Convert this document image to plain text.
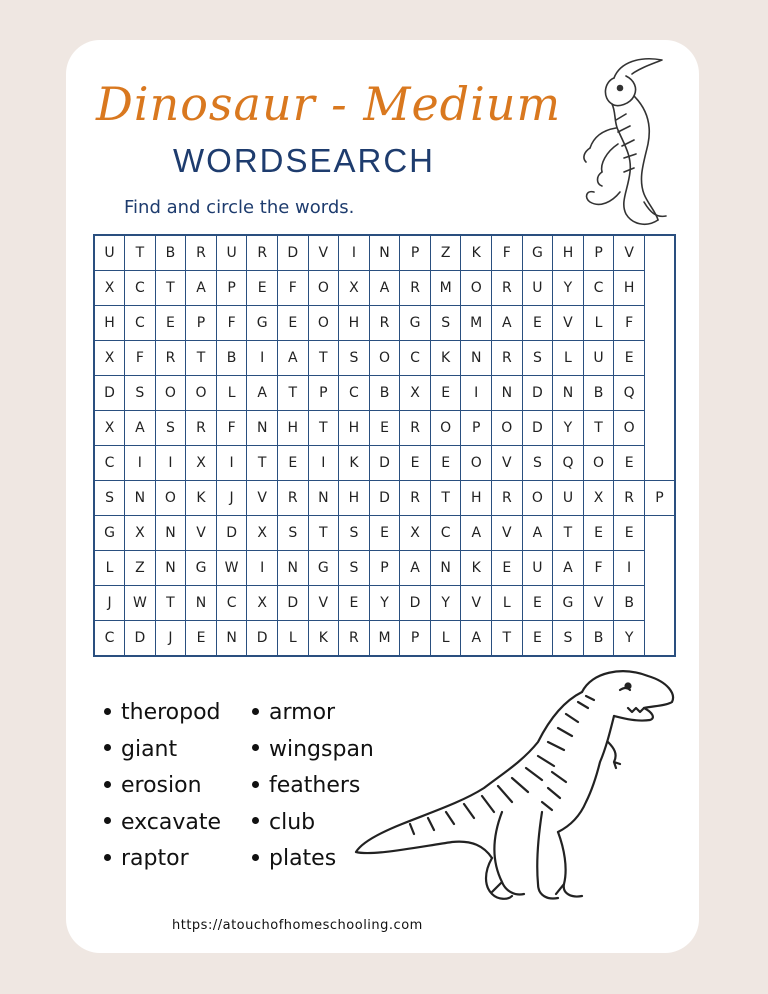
Dinosaur - Medium
WORDSEARCH

Find and circle the words.

U	T	B	R	U	R	D	V	I	N	P	Z	K	F	G	H	P	V	
X	C	T	A	P	E	F	O	X	A	R	M	O	R	U	Y	C	H	
H	C	E	P	F	G	E	O	H	R	G	S	M	A	E	V	L	F	
X	F	R	T	B	I	A	T	S	O	C	K	N	R	S	L	U	E	
D	S	O	O	L	A	T	P	C	B	X	E	I	N	D	N	B	Q	
X	A	S	R	F	N	H	T	H	E	R	O	P	O	D	Y	T	O	
C	I	I	X	I	T	E	I	K	D	E	E	O	V	S	Q	O	E	
S	N	O	K	J	V	R	N	H	D	R	T	H	R	O	U	X	R	P
G	X	N	V	D	X	S	T	S	E	X	C	A	V	A	T	E	E	
L	Z	N	G	W	I	N	G	S	P	A	N	K	E	U	A	F	I	
J	W	T	N	C	X	D	V	E	Y	D	Y	V	L	E	G	V	B	
C	D	J	E	N	D	L	K	R	M	P	L	A	T	E	S	B	Y	
theropod
giant
erosion
excavate
raptor
armor
wingspan
feathers
club
plates
https://atouchofhomeschooling.com
